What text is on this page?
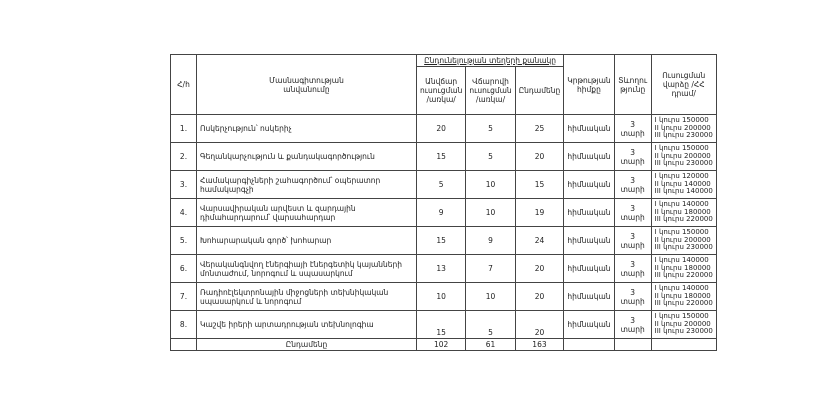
Հ/հ	Մասնագիտության
անվանումը	Ընդունելության տեղերի քանակը			Կրթության հիմքը	Տևողու թյունը	Ուսուցման վարձը /ՀՀ դրամ/
		Անվճար ուսուցման /առկա/	Վճարովի ուսուցման /առկա/	Ընդամենը			
1.	Ոսկերչություն՝ ոսկերիչ	20	5	25	հիմնական	3 տարի	I կուրս 150000
II կուրս 200000
III կուրս 230000

2.	Գեղանկարչություն և քանդակագործություն	15	5	20	հիմնական	3 տարի	I կուրս 150000
II կուրս 200000
III կուրս 230000

3.	Համակարգիչների շահագործում՝ օպերատոր համակարգչի	5	10	15	հիմնական	3 տարի	I կուրս 120000
II կուրս 140000
III կուրս 140000

4.	Վարսավիրական արվեստ և զարդային դիմահարդարում՝ վարսահարդար	9	10	19	հիմնական	3 տարի	I կուրս 140000
II կուրս 180000
III կուրս 220000

5.	Խոհարարական գործ՝ խոհարար	15	9	24	հիմնական	3 տարի	I կուրս 150000
II կուրս 200000
III կուրս 230000

6.	Վերականգնվող էներգիայի էներգետիկ կայանների մոնտաժում, նորոգում և սպասարկում	13	7	20	հիմնական	3 տարի	I կուրս 140000
II կուրս 180000
III կուրս 220000

7.	Ռադիոէլեկտրոնային միջոցների տեխնիկական սպասարկում և նորոգում	10	10	20	հիմնական	3 տարի	I կուրս 140000
II կուրս 180000
III կուրս 220000

8.	Կաշվե իրերի արտադրության տեխնոլոգիա	15	5	20	հիմնական	3 տարի	I կուրս 150000
II կուրս 200000
III կուրս 230000

	Ընդամենը	102	61	163			
